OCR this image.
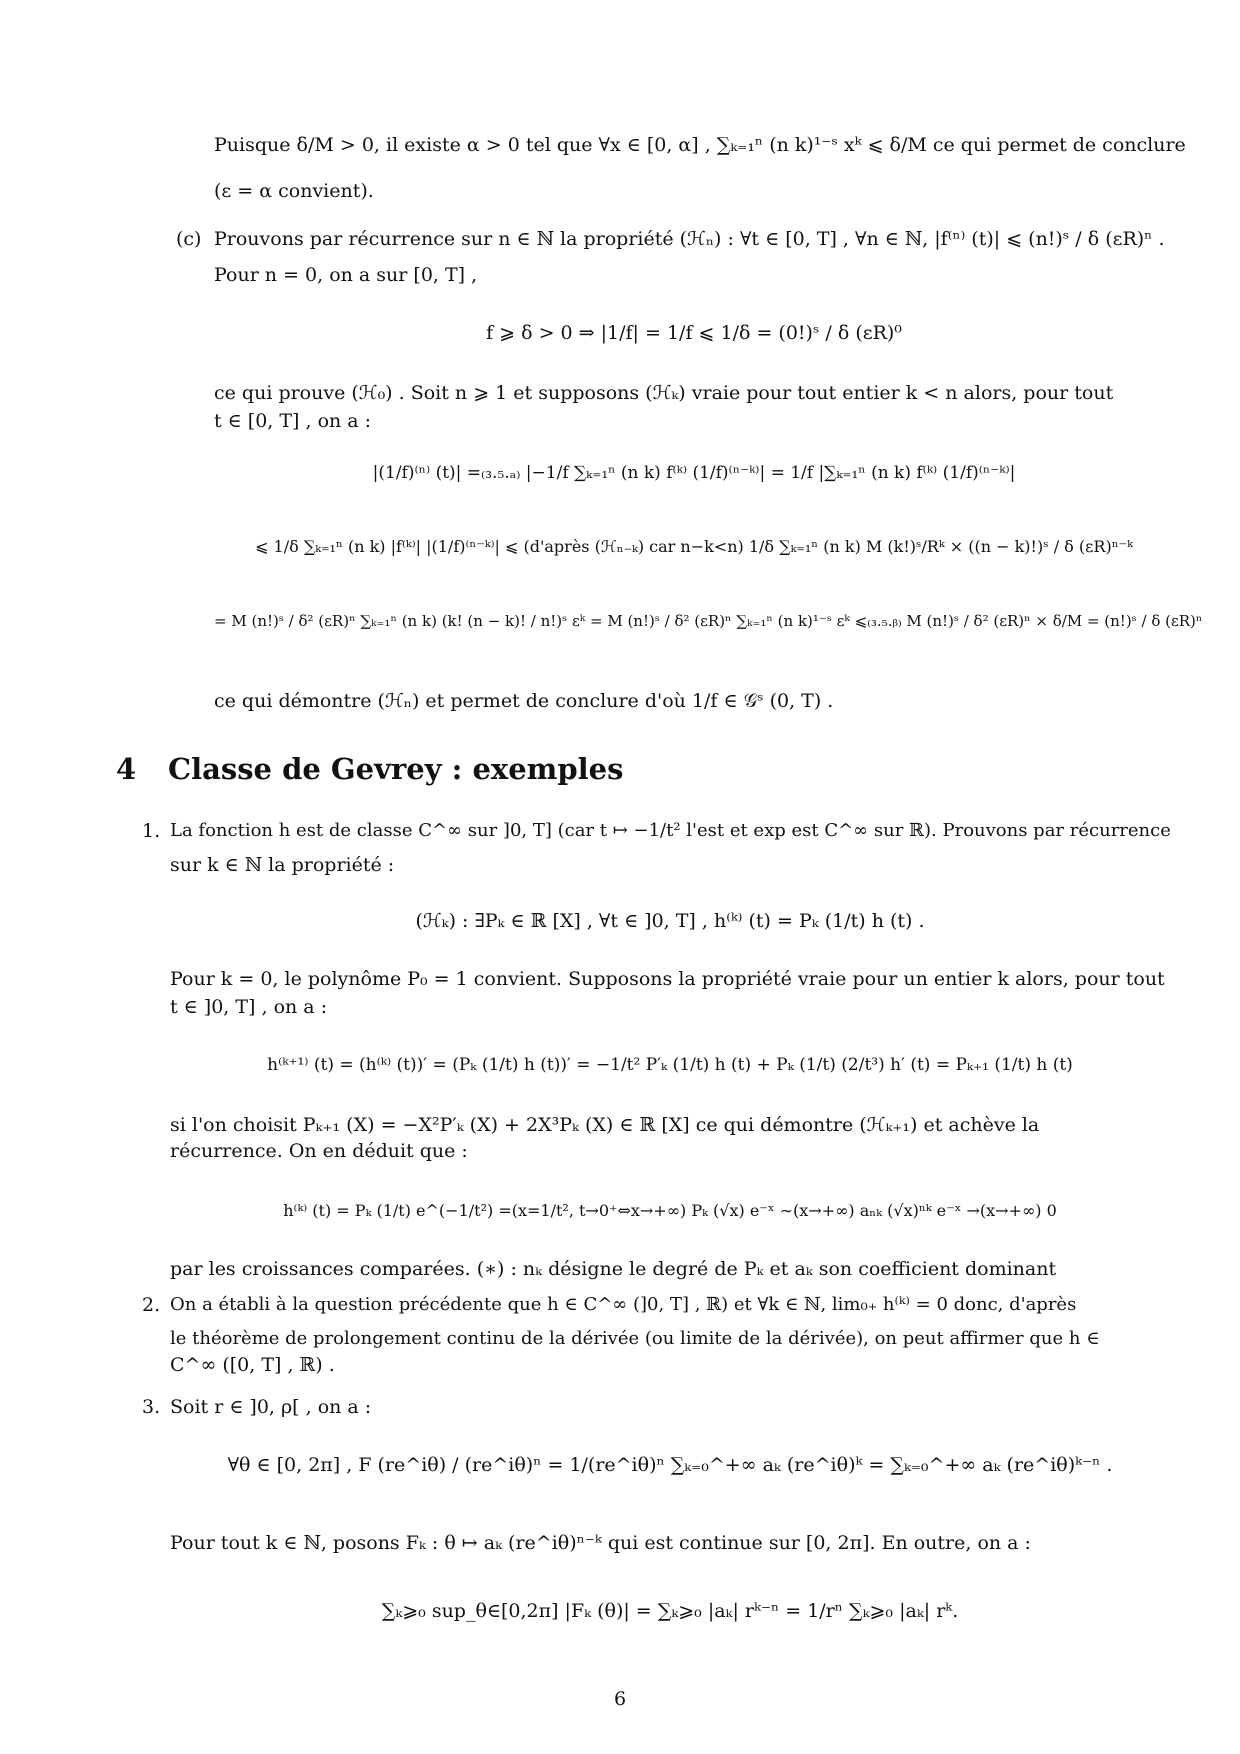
Puisque δ/M > 0, il existe α > 0 tel que ∀x ∈ [0, α] , ∑ₖ₌₁ⁿ (n k)¹⁻ˢ xᵏ ⩽ δ/M ce qui permet de conclure
(ε = α convient).
(c) Prouvons par récurrence sur n ∈ ℕ la propriété (ℋₙ) : ∀t ∈ [0, T] , ∀n ∈ ℕ, |f⁽ⁿ⁾ (t)| ⩽ (n!)ˢ / δ (εR)ⁿ .
Pour n = 0, on a sur [0, T] ,
f ⩾ δ > 0 ⇒ |1/f| = 1/f ⩽ 1/δ = (0!)ˢ / δ (εR)⁰
ce qui prouve (ℋ₀) . Soit n ⩾ 1 et supposons (ℋₖ) vraie pour tout entier k < n alors, pour tout
t ∈ [0, T] , on a :
|(1/f)⁽ⁿ⁾ (t)| =₍₃.₅.ₐ₎ |−1/f ∑ₖ₌₁ⁿ (n k) f⁽ᵏ⁾ (1/f)⁽ⁿ⁻ᵏ⁾| = 1/f |∑ₖ₌₁ⁿ (n k) f⁽ᵏ⁾ (1/f)⁽ⁿ⁻ᵏ⁾|
⩽ 1/δ ∑ₖ₌₁ⁿ (n k) |f⁽ᵏ⁾| |(1/f)⁽ⁿ⁻ᵏ⁾| ⩽ (d'après (ℋₙ₋ₖ) car n−k<n) 1/δ ∑ₖ₌₁ⁿ (n k) M (k!)ˢ/Rᵏ × ((n − k)!)ˢ / δ (εR)ⁿ⁻ᵏ
= M (n!)ˢ / δ² (εR)ⁿ ∑ₖ₌₁ⁿ (n k) (k! (n − k)! / n!)ˢ εᵏ = M (n!)ˢ / δ² (εR)ⁿ ∑ₖ₌₁ⁿ (n k)¹⁻ˢ εᵏ ⩽₍₃.₅.ᵦ₎ M (n!)ˢ / δ² (εR)ⁿ × δ/M = (n!)ˢ / δ (εR)ⁿ
ce qui démontre (ℋₙ) et permet de conclure d'où 1/f ∈ 𝒢ˢ (0, T) .
4 Classe de Gevrey : exemples
1. La fonction h est de classe C^∞ sur ]0, T] (car t ↦ −1/t² l'est et exp est C^∞ sur ℝ). Prouvons par récurrence
sur k ∈ ℕ la propriété :
(ℋₖ) : ∃Pₖ ∈ ℝ [X] , ∀t ∈ ]0, T] , h⁽ᵏ⁾ (t) = Pₖ (1/t) h (t) .
Pour k = 0, le polynôme P₀ = 1 convient. Supposons la propriété vraie pour un entier k alors, pour tout
t ∈ ]0, T] , on a :
h⁽ᵏ⁺¹⁾ (t) = (h⁽ᵏ⁾ (t))′ = (Pₖ (1/t) h (t))′ = −1/t² P′ₖ (1/t) h (t) + Pₖ (1/t) (2/t³) h′ (t) = Pₖ₊₁ (1/t) h (t)
si l'on choisit Pₖ₊₁ (X) = −X²P′ₖ (X) + 2X³Pₖ (X) ∈ ℝ [X] ce qui démontre (ℋₖ₊₁) et achève la
récurrence. On en déduit que :
h⁽ᵏ⁾ (t) = Pₖ (1/t) e^(−1/t²) =(x=1/t², t→0⁺⇔x→+∞) Pₖ (√x) e⁻ˣ ∼(x→+∞) aₙₖ (√x)ⁿᵏ e⁻ˣ →(x→+∞) 0
par les croissances comparées. (∗) : nₖ désigne le degré de Pₖ et aₖ son coefficient dominant
2. On a établi à la question précédente que h ∈ C^∞ (]0, T] , ℝ) et ∀k ∈ ℕ, lim₀₊ h⁽ᵏ⁾ = 0 donc, d'après
le théorème de prolongement continu de la dérivée (ou limite de la dérivée), on peut affirmer que h ∈
C^∞ ([0, T] , ℝ) .
3. Soit r ∈ ]0, ρ[ , on a :
∀θ ∈ [0, 2π] , F (re^iθ) / (re^iθ)ⁿ = 1/(re^iθ)ⁿ ∑ₖ₌₀^+∞ aₖ (re^iθ)ᵏ = ∑ₖ₌₀^+∞ aₖ (re^iθ)ᵏ⁻ⁿ .
Pour tout k ∈ ℕ, posons Fₖ : θ ↦ aₖ (re^iθ)ⁿ⁻ᵏ qui est continue sur [0, 2π]. En outre, on a :
∑ₖ⩾₀ sup_θ∈[0,2π] |Fₖ (θ)| = ∑ₖ⩾₀ |aₖ| rᵏ⁻ⁿ = 1/rⁿ ∑ₖ⩾₀ |aₖ| rᵏ.
6
